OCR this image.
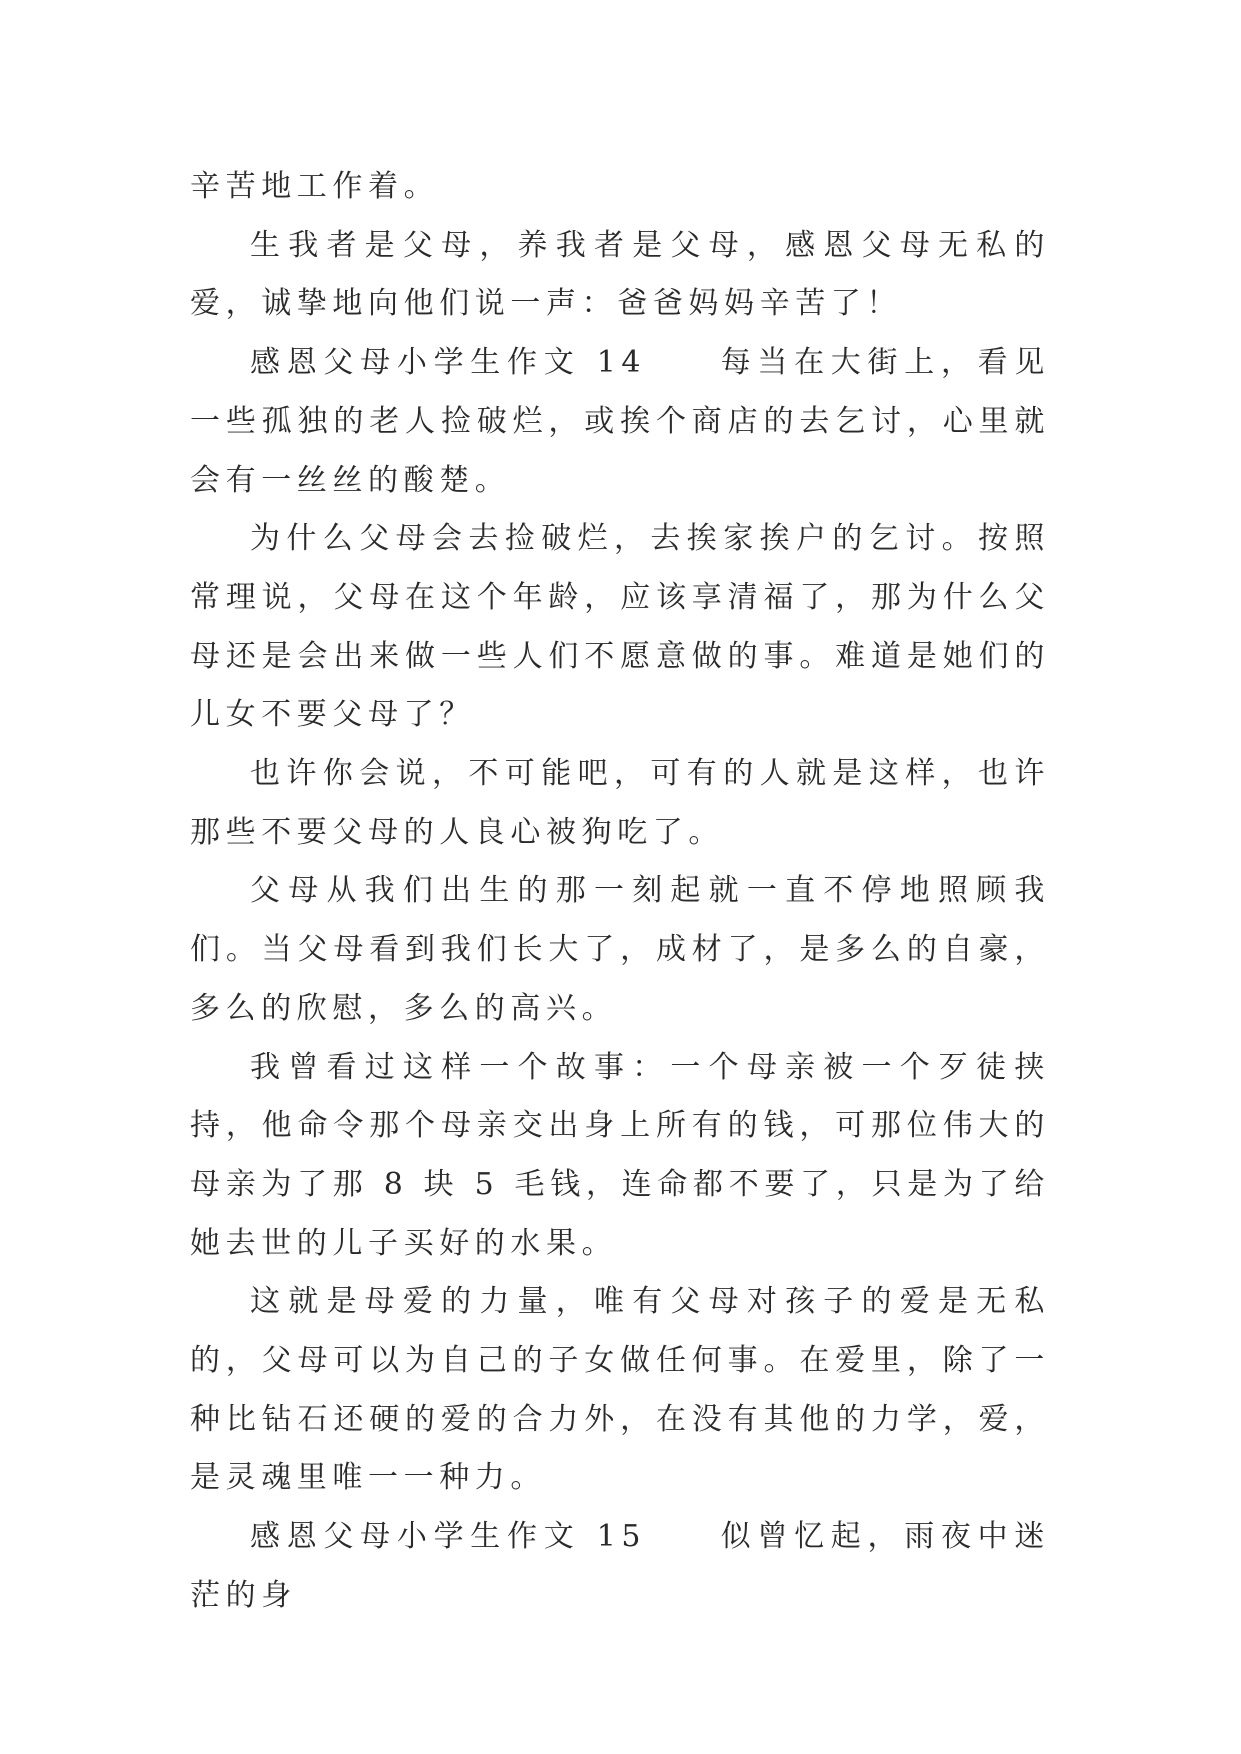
辛苦地工作着。

生我者是父母，养我者是父母，感恩父母无私的爱，诚挚地向他们说一声：爸爸妈妈辛苦了！

感恩父母小学生作文 14　　每当在大街上，看见一些孤独的老人捡破烂，或挨个商店的去乞讨，心里就会有一丝丝的酸楚。

为什么父母会去捡破烂，去挨家挨户的乞讨。按照常理说，父母在这个年龄，应该享清福了，那为什么父母还是会出来做一些人们不愿意做的事。难道是她们的儿女不要父母了？

也许你会说，不可能吧，可有的人就是这样，也许那些不要父母的人良心被狗吃了。

父母从我们出生的那一刻起就一直不停地照顾我们。当父母看到我们长大了，成材了，是多么的自豪，多么的欣慰，多么的高兴。

我曾看过这样一个故事：一个母亲被一个歹徒挟持，他命令那个母亲交出身上所有的钱，可那位伟大的母亲为了那 8 块 5 毛钱，连命都不要了，只是为了给她去世的儿子买好的水果。

这就是母爱的力量，唯有父母对孩子的爱是无私的，父母可以为自己的子女做任何事。在爱里，除了一种比钻石还硬的爱的合力外，在没有其他的力学，爱，是灵魂里唯一一种力。

感恩父母小学生作文 15　　似曾忆起，雨夜中迷茫的身
